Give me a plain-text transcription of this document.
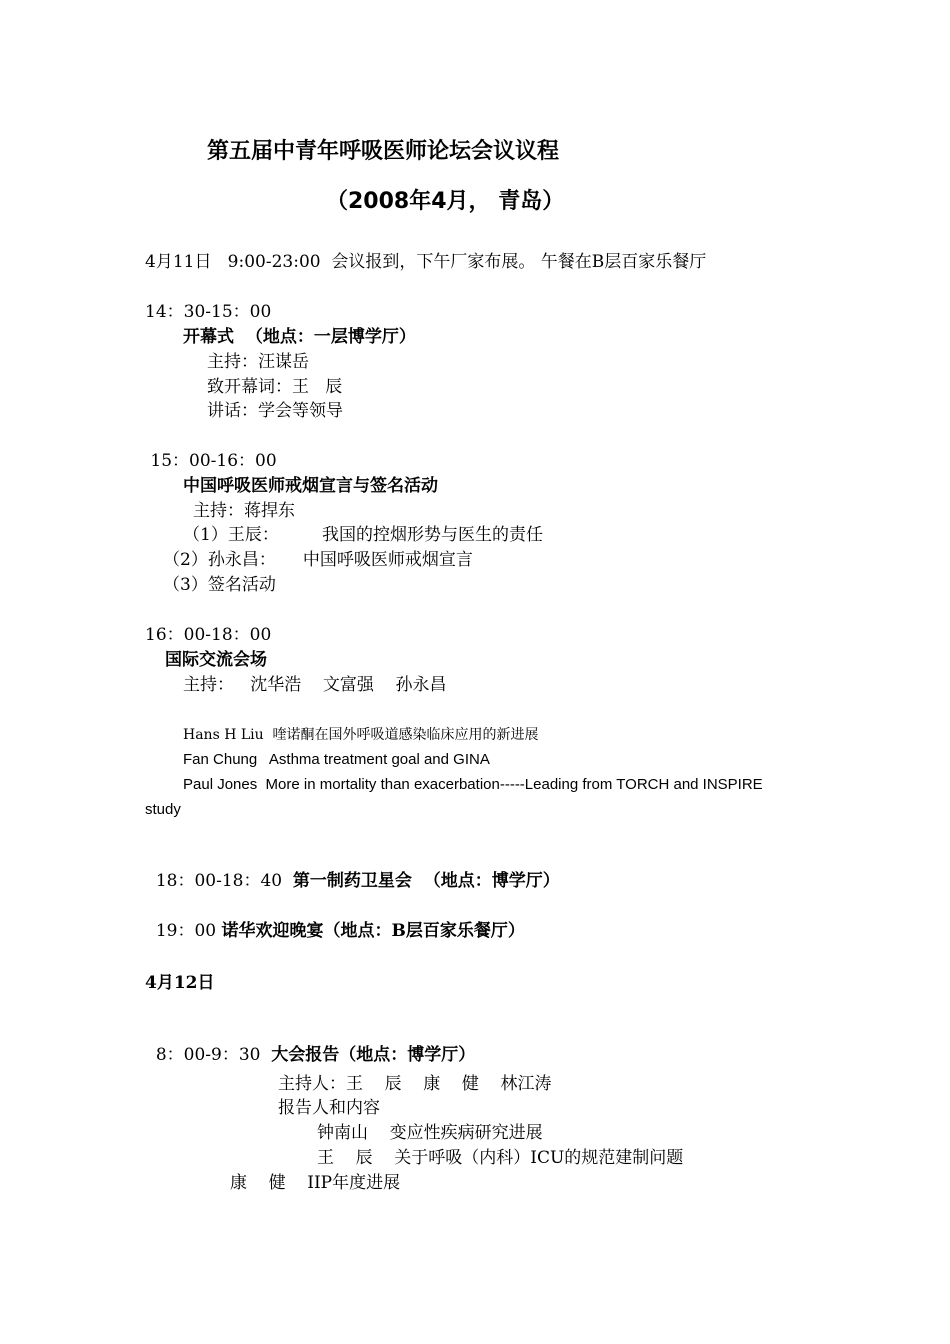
第五届中青年呼吸医师论坛会议议程
（2008年4月， 青岛）
4月11日   9:00-23:00  会议报到，下午厂家布展。 午餐在B层百家乐餐厅
14：30-15：00
开幕式  （地点：一层博学厅）
主持：汪谋岳
致开幕词：王   辰
讲话：学会等领导
15：00-16：00
中国呼吸医师戒烟宣言与签名活动
主持：蒋捍东
（1）王辰：        我国的控烟形势与医生的责任
（2）孙永昌：     中国呼吸医师戒烟宣言
（3）签名活动
16：00-18：00
国际交流会场
主持：   沈华浩    文富强    孙永昌
Hans H Liu  喹诺酮在国外呼吸道感染临床应用的新进展
Fan Chung   Asthma treatment goal and GINA
Paul Jones  More in mortality than exacerbation-----Leading from TORCH and INSPIRE
study

18：00-18：40  第一制药卫星会  （地点：博学厅）

19：00 诺华欢迎晚宴（地点：B层百家乐餐厅）

4月12日

8：00-9：30  大会报告（地点：博学厅）

主持人：王    辰    康    健    林江涛
报告人和内容
钟南山    变应性疾病研究进展
王    辰    关于呼吸（内科）ICU的规范建制问题
康    健    IIP年度进展
